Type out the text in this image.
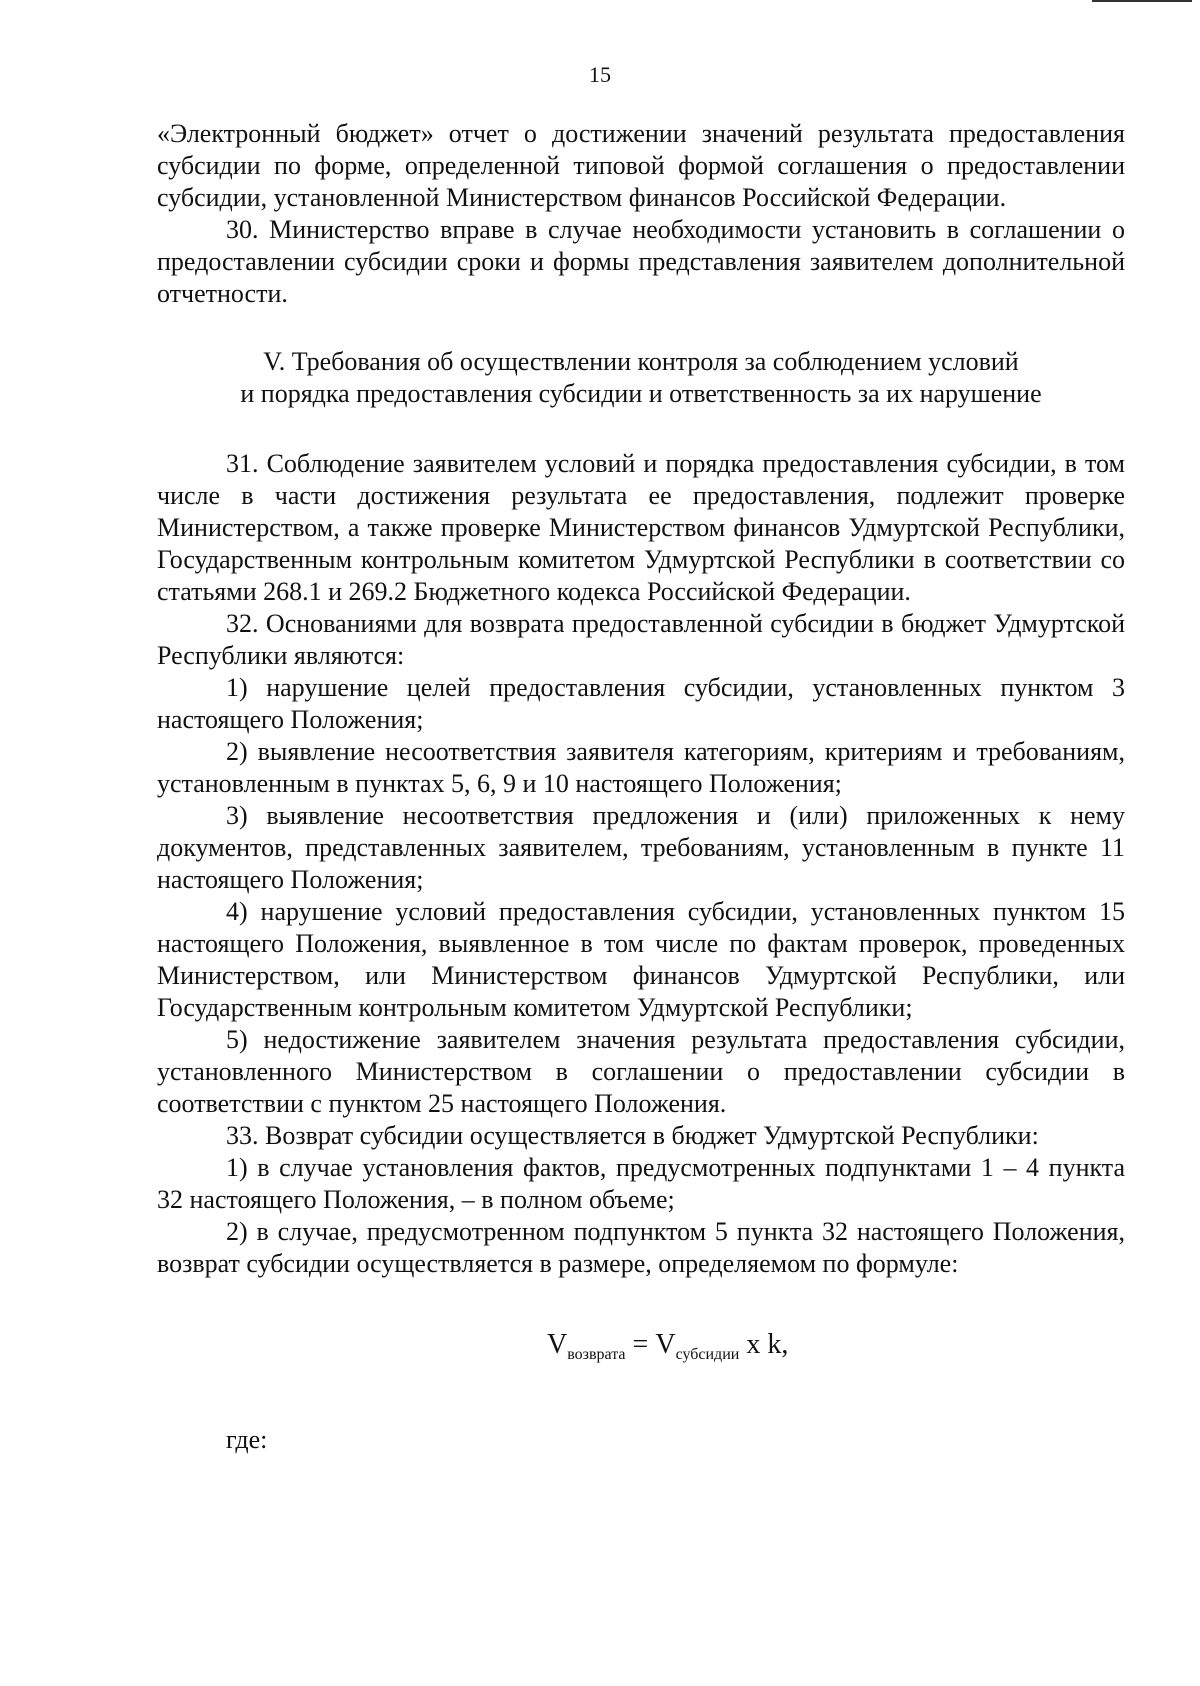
15

«Электронный бюджет» отчет о достижении значений результата предоставления субсидии по форме, определенной типовой формой соглашения о предоставлении субсидии, установленной Министерством финансов Российской Федерации.

30. Министерство вправе в случае необходимости установить в соглашении о предоставлении субсидии сроки и формы представления заявителем дополнительной отчетности.

V. Требования об осуществлении контроля за соблюдением условий

и порядка предоставления субсидии и ответственность за их нарушение

31. Соблюдение заявителем условий и порядка предоставления субсидии, в том числе в части достижения результата ее предоставления, подлежит проверке Министерством, а также проверке Министерством финансов Удмуртской Республики, Государственным контрольным комитетом Удмуртской Республики в соответствии со статьями 268.1 и 269.2 Бюджетного кодекса Российской Федерации.

32. Основаниями для возврата предоставленной субсидии в бюджет Удмуртской Республики являются:

1) нарушение целей предоставления субсидии, установленных пунктом 3 настоящего Положения;

2) выявление несоответствия заявителя категориям, критериям и требованиям, установленным в пунктах 5, 6, 9 и 10 настоящего Положения;

3) выявление несоответствия предложения и (или) приложенных к нему документов, представленных заявителем, требованиям, установленным в пункте 11 настоящего Положения;

4) нарушение условий предоставления субсидии, установленных пунктом 15 настоящего Положения, выявленное в том числе по фактам проверок, проведенных Министерством, или Министерством финансов Удмуртской Республики, или Государственным контрольным комитетом Удмуртской Республики;

5) недостижение заявителем значения результата предоставления субсидии, установленного Министерством в соглашении о предоставлении субсидии в соответствии с пунктом 25 настоящего Положения.

33. Возврат субсидии осуществляется в бюджет Удмуртской Республики:

1) в случае установления фактов, предусмотренных подпунктами 1 – 4 пункта 32 настоящего Положения, – в полном объеме;

2) в случае, предусмотренном подпунктом 5 пункта 32 настоящего Положения, возврат субсидии осуществляется в размере, определяемом по формуле:

$V_{возврата} = V_{субсидии}$ x k,

где:
